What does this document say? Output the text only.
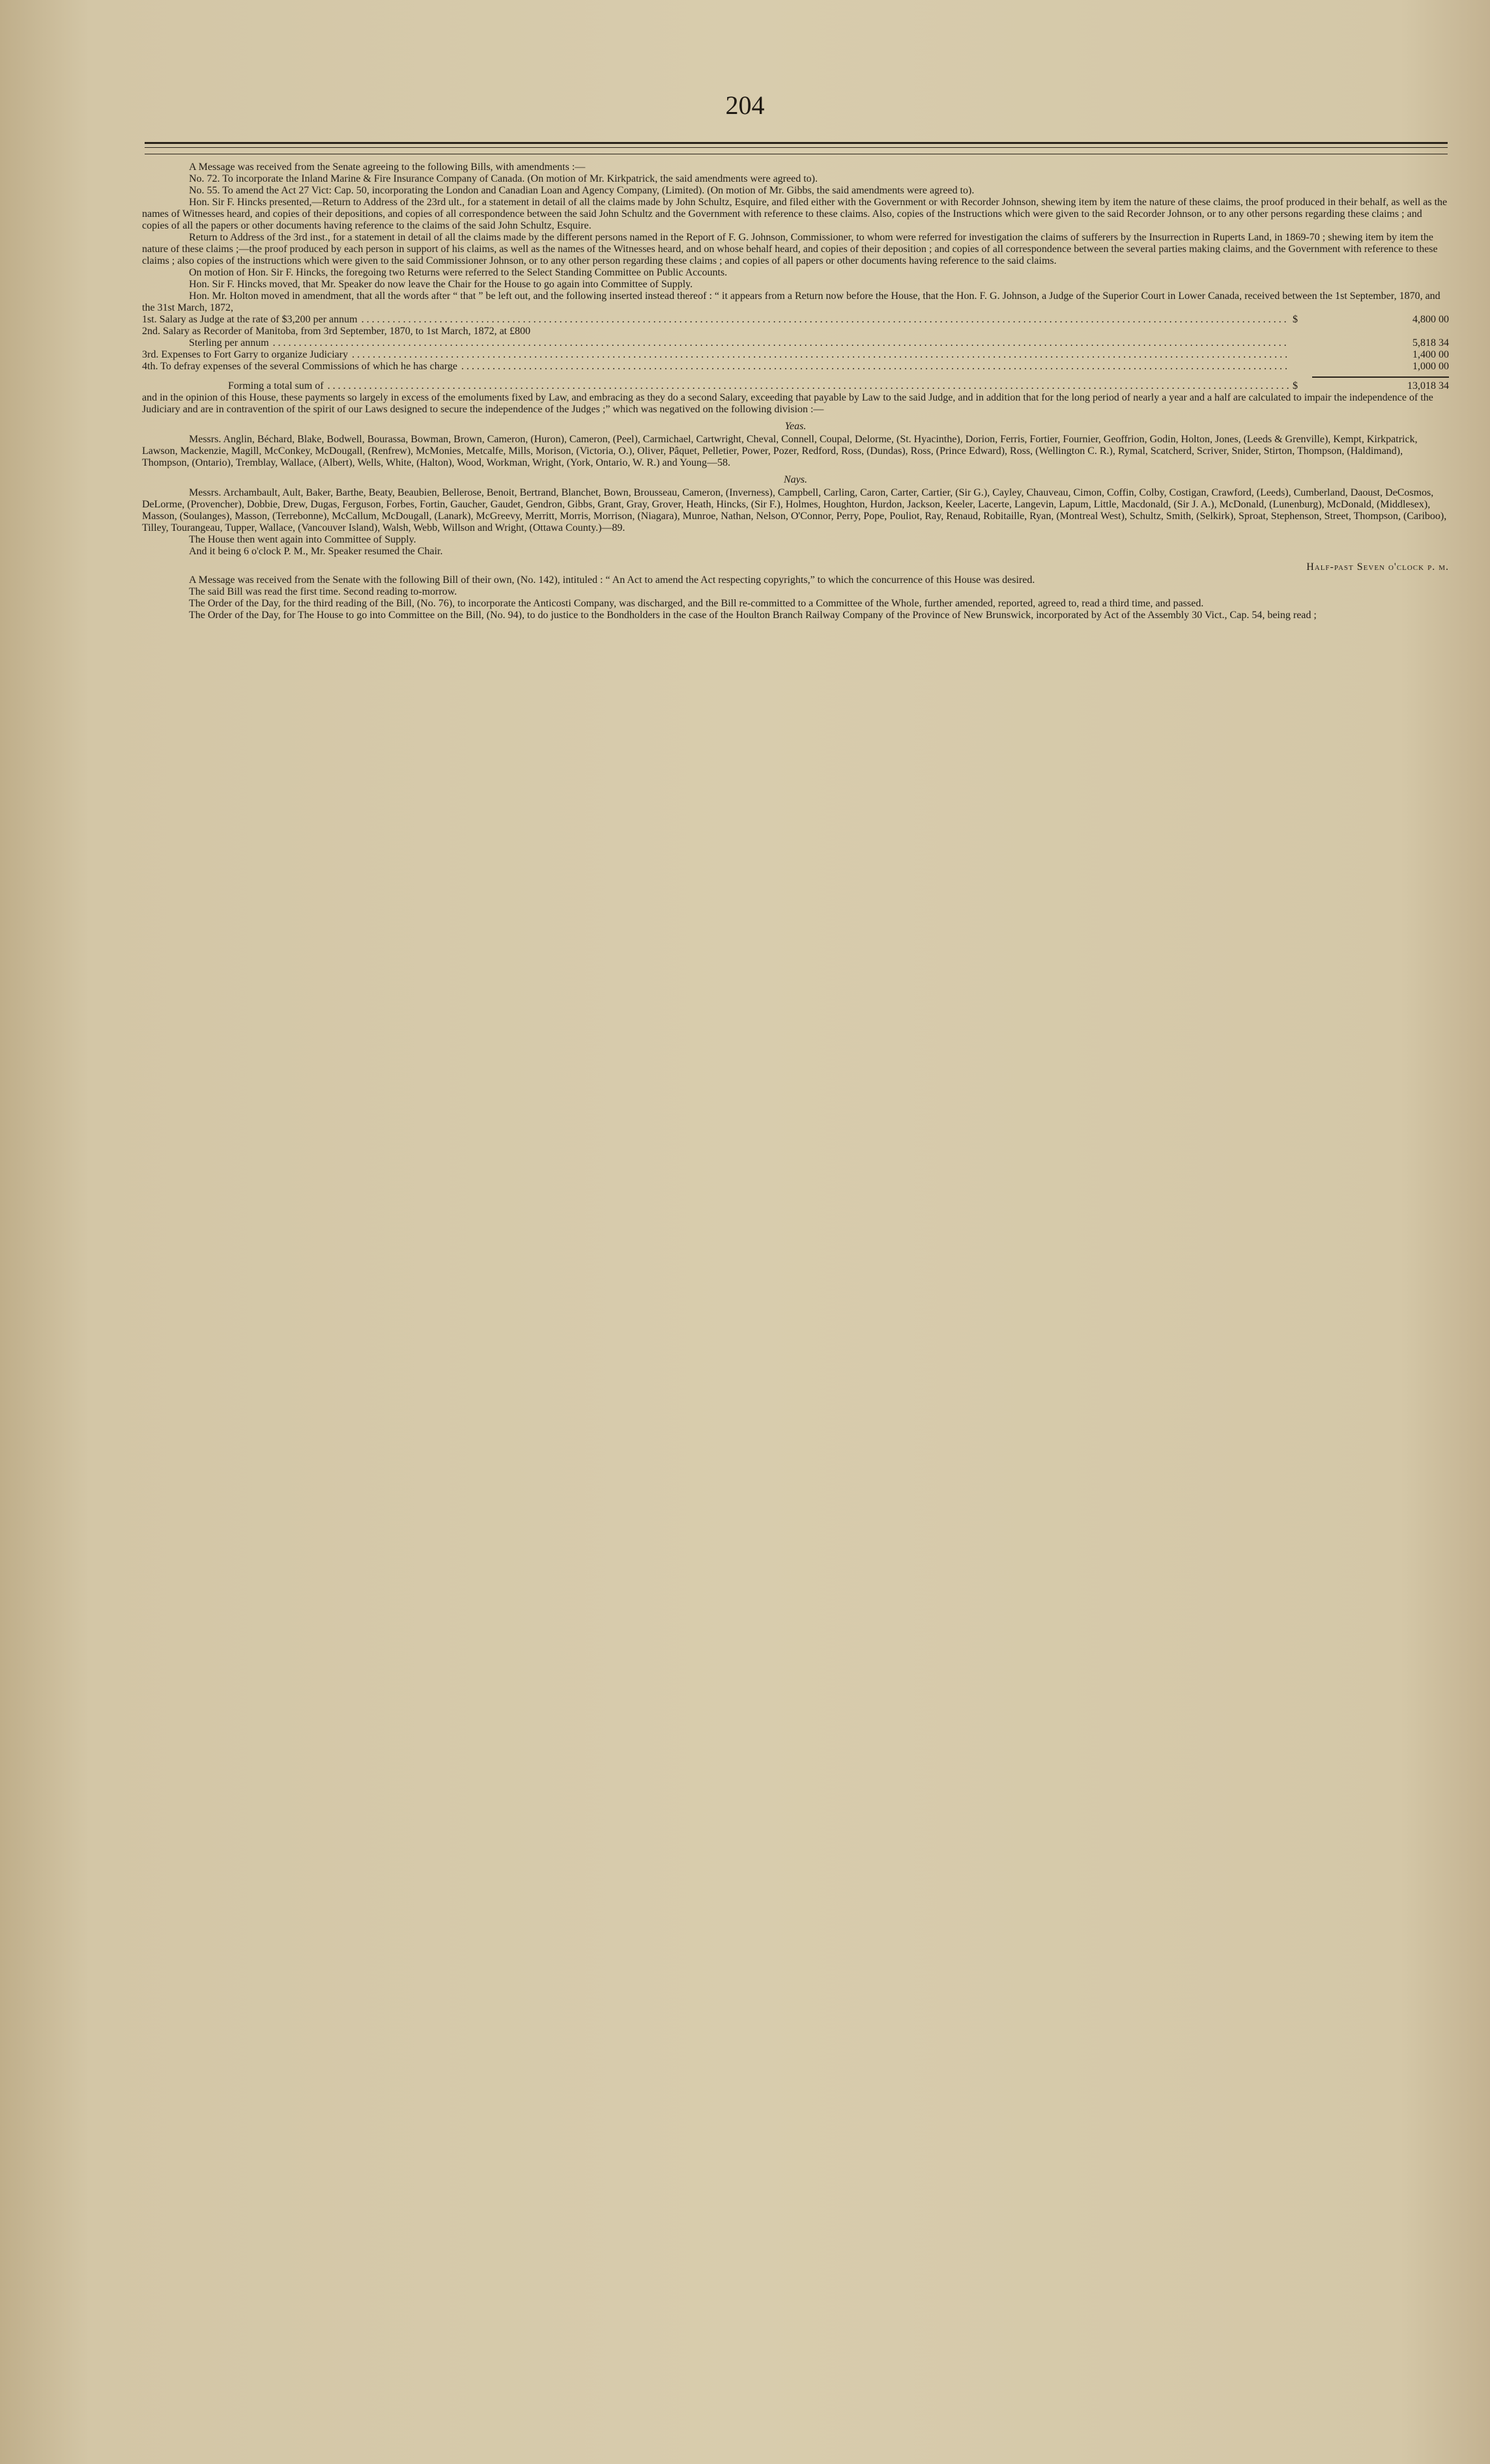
204

A Message was received from the Senate agreeing to the following Bills, with amendments :—

No. 72. To incorporate the Inland Marine & Fire Insurance Company of Canada. (On motion of Mr. Kirkpatrick, the said amendments were agreed to).

No. 55. To amend the Act 27 Vict: Cap. 50, incorporating the London and Canadian Loan and Agency Company, (Limited). (On motion of Mr. Gibbs, the said amendments were agreed to).

Hon. Sir F. Hincks presented,—Return to Address of the 23rd ult., for a statement in detail of all the claims made by John Schultz, Esquire, and filed either with the Government or with Recorder Johnson, shewing item by item the nature of these claims, the proof produced in their behalf, as well as the names of Witnesses heard, and copies of their depositions, and copies of all correspondence between the said John Schultz and the Government with reference to these claims. Also, copies of the Instructions which were given to the said Recorder Johnson, or to any other persons regarding these claims ; and copies of all the papers or other documents having reference to the claims of the said John Schultz, Esquire.

Return to Address of the 3rd inst., for a statement in detail of all the claims made by the different persons named in the Report of F. G. Johnson, Commissioner, to whom were referred for investigation the claims of sufferers by the Insurrection in Ruperts Land, in 1869-70 ; shewing item by item the nature of these claims ;—the proof produced by each person in support of his claims, as well as the names of the Witnesses heard, and on whose behalf heard, and copies of their deposition ; and copies of all correspondence between the several parties making claims, and the Government with reference to these claims ; also copies of the instructions which were given to the said Commissioner Johnson, or to any other person regarding these claims ; and copies of all papers or other documents having reference to the said claims.

On motion of Hon. Sir F. Hincks, the foregoing two Returns were referred to the Select Standing Committee on Public Accounts.

Hon. Sir F. Hincks moved, that Mr. Speaker do now leave the Chair for the House to go again into Committee of Supply.

Hon. Mr. Holton moved in amendment, that all the words after “ that ” be left out, and the following inserted instead thereof : “ it appears from a Return now before the House, that the Hon. F. G. Johnson, a Judge of the Superior Court in Lower Canada, received between the 1st September, 1870, and the 31st March, 1872,

1st. Salary as Judge at the rate of $3,200 per annum .....	$	4,800 00
2nd. Salary as Recorder of Manitoba, from 3rd September, 1870, to 1st March, 1872, at £800
Sterling per annum .....	5,818 34
3rd. Expenses to Fort Garry to organize Judiciary .....	1,400 00
4th. To defray expenses of the several Commissions of which he has charge .....	1,000 00
Forming a total sum of .....	$	13,018 34

and in the opinion of this House, these payments so largely in excess of the emoluments fixed by Law, and embracing as they do a second Salary, exceeding that payable by Law to the said Judge, and in addition that for the long period of nearly a year and a half are calculated to impair the independence of the Judiciary and are in contravention of the spirit of our Laws designed to secure the independence of the Judges ;” which was negatived on the following division :—

Yeas.

Messrs. Anglin, Béchard, Blake, Bodwell, Bourassa, Bowman, Brown, Cameron, (Huron), Cameron, (Peel), Carmichael, Cartwright, Cheval, Connell, Coupal, Delorme, (St. Hyacinthe), Dorion, Ferris, Fortier, Fournier, Geoffrion, Godin, Holton, Jones, (Leeds & Grenville), Kempt, Kirkpatrick, Lawson, Mackenzie, Magill, McConkey, McDougall, (Renfrew), McMonies, Metcalfe, Mills, Morison, (Victoria, O.), Oliver, Pâquet, Pelletier, Power, Pozer, Redford, Ross, (Dundas), Ross, (Prince Edward), Ross, (Wellington C. R.), Rymal, Scatcherd, Scriver, Snider, Stirton, Thompson, (Haldimand), Thompson, (Ontario), Tremblay, Wallace, (Albert), Wells, White, (Halton), Wood, Workman, Wright, (York, Ontario, W. R.) and Young—58.

Nays.

Messrs. Archambault, Ault, Baker, Barthe, Beaty, Beaubien, Bellerose, Benoit, Bertrand, Blanchet, Bown, Brousseau, Cameron, (Inverness), Campbell, Carling, Caron, Carter, Cartier, (Sir G.), Cayley, Chauveau, Cimon, Coffin, Colby, Costigan, Crawford, (Leeds), Cumberland, Daoust, DeCosmos, DeLorme, (Provencher), Dobbie, Drew, Dugas, Ferguson, Forbes, Fortin, Gaucher, Gaudet, Gendron, Gibbs, Grant, Gray, Grover, Heath, Hincks, (Sir F.), Holmes, Houghton, Hurdon, Jackson, Keeler, Lacerte, Langevin, Lapum, Little, Macdonald, (Sir J. A.), McDonald, (Lunenburg), McDonald, (Middlesex), Masson, (Soulanges), Masson, (Terrebonne), McCallum, McDougall, (Lanark), McGreevy, Merritt, Morris, Morrison, (Niagara), Munroe, Nathan, Nelson, O'Connor, Perry, Pope, Pouliot, Ray, Renaud, Robitaille, Ryan, (Montreal West), Schultz, Smith, (Selkirk), Sproat, Stephenson, Street, Thompson, (Cariboo), Tilley, Tourangeau, Tupper, Wallace, (Vancouver Island), Walsh, Webb, Willson and Wright, (Ottawa County.)—89.

The House then went again into Committee of Supply.

And it being 6 o'clock P. M., Mr. Speaker resumed the Chair.

Half-past Seven o'clock p. m.

A Message was received from the Senate with the following Bill of their own, (No. 142), intituled : “ An Act to amend the Act respecting copyrights,” to which the concurrence of this House was desired.

The said Bill was read the first time. Second reading to-morrow.

The Order of the Day, for the third reading of the Bill, (No. 76), to incorporate the Anticosti Company, was discharged, and the Bill re-committed to a Committee of the Whole, further amended, reported, agreed to, read a third time, and passed.

The Order of the Day, for The House to go into Committee on the Bill, (No. 94), to do justice to the Bondholders in the case of the Houlton Branch Railway Company of the Province of New Brunswick, incorporated by Act of the Assembly 30 Vict., Cap. 54, being read ;
